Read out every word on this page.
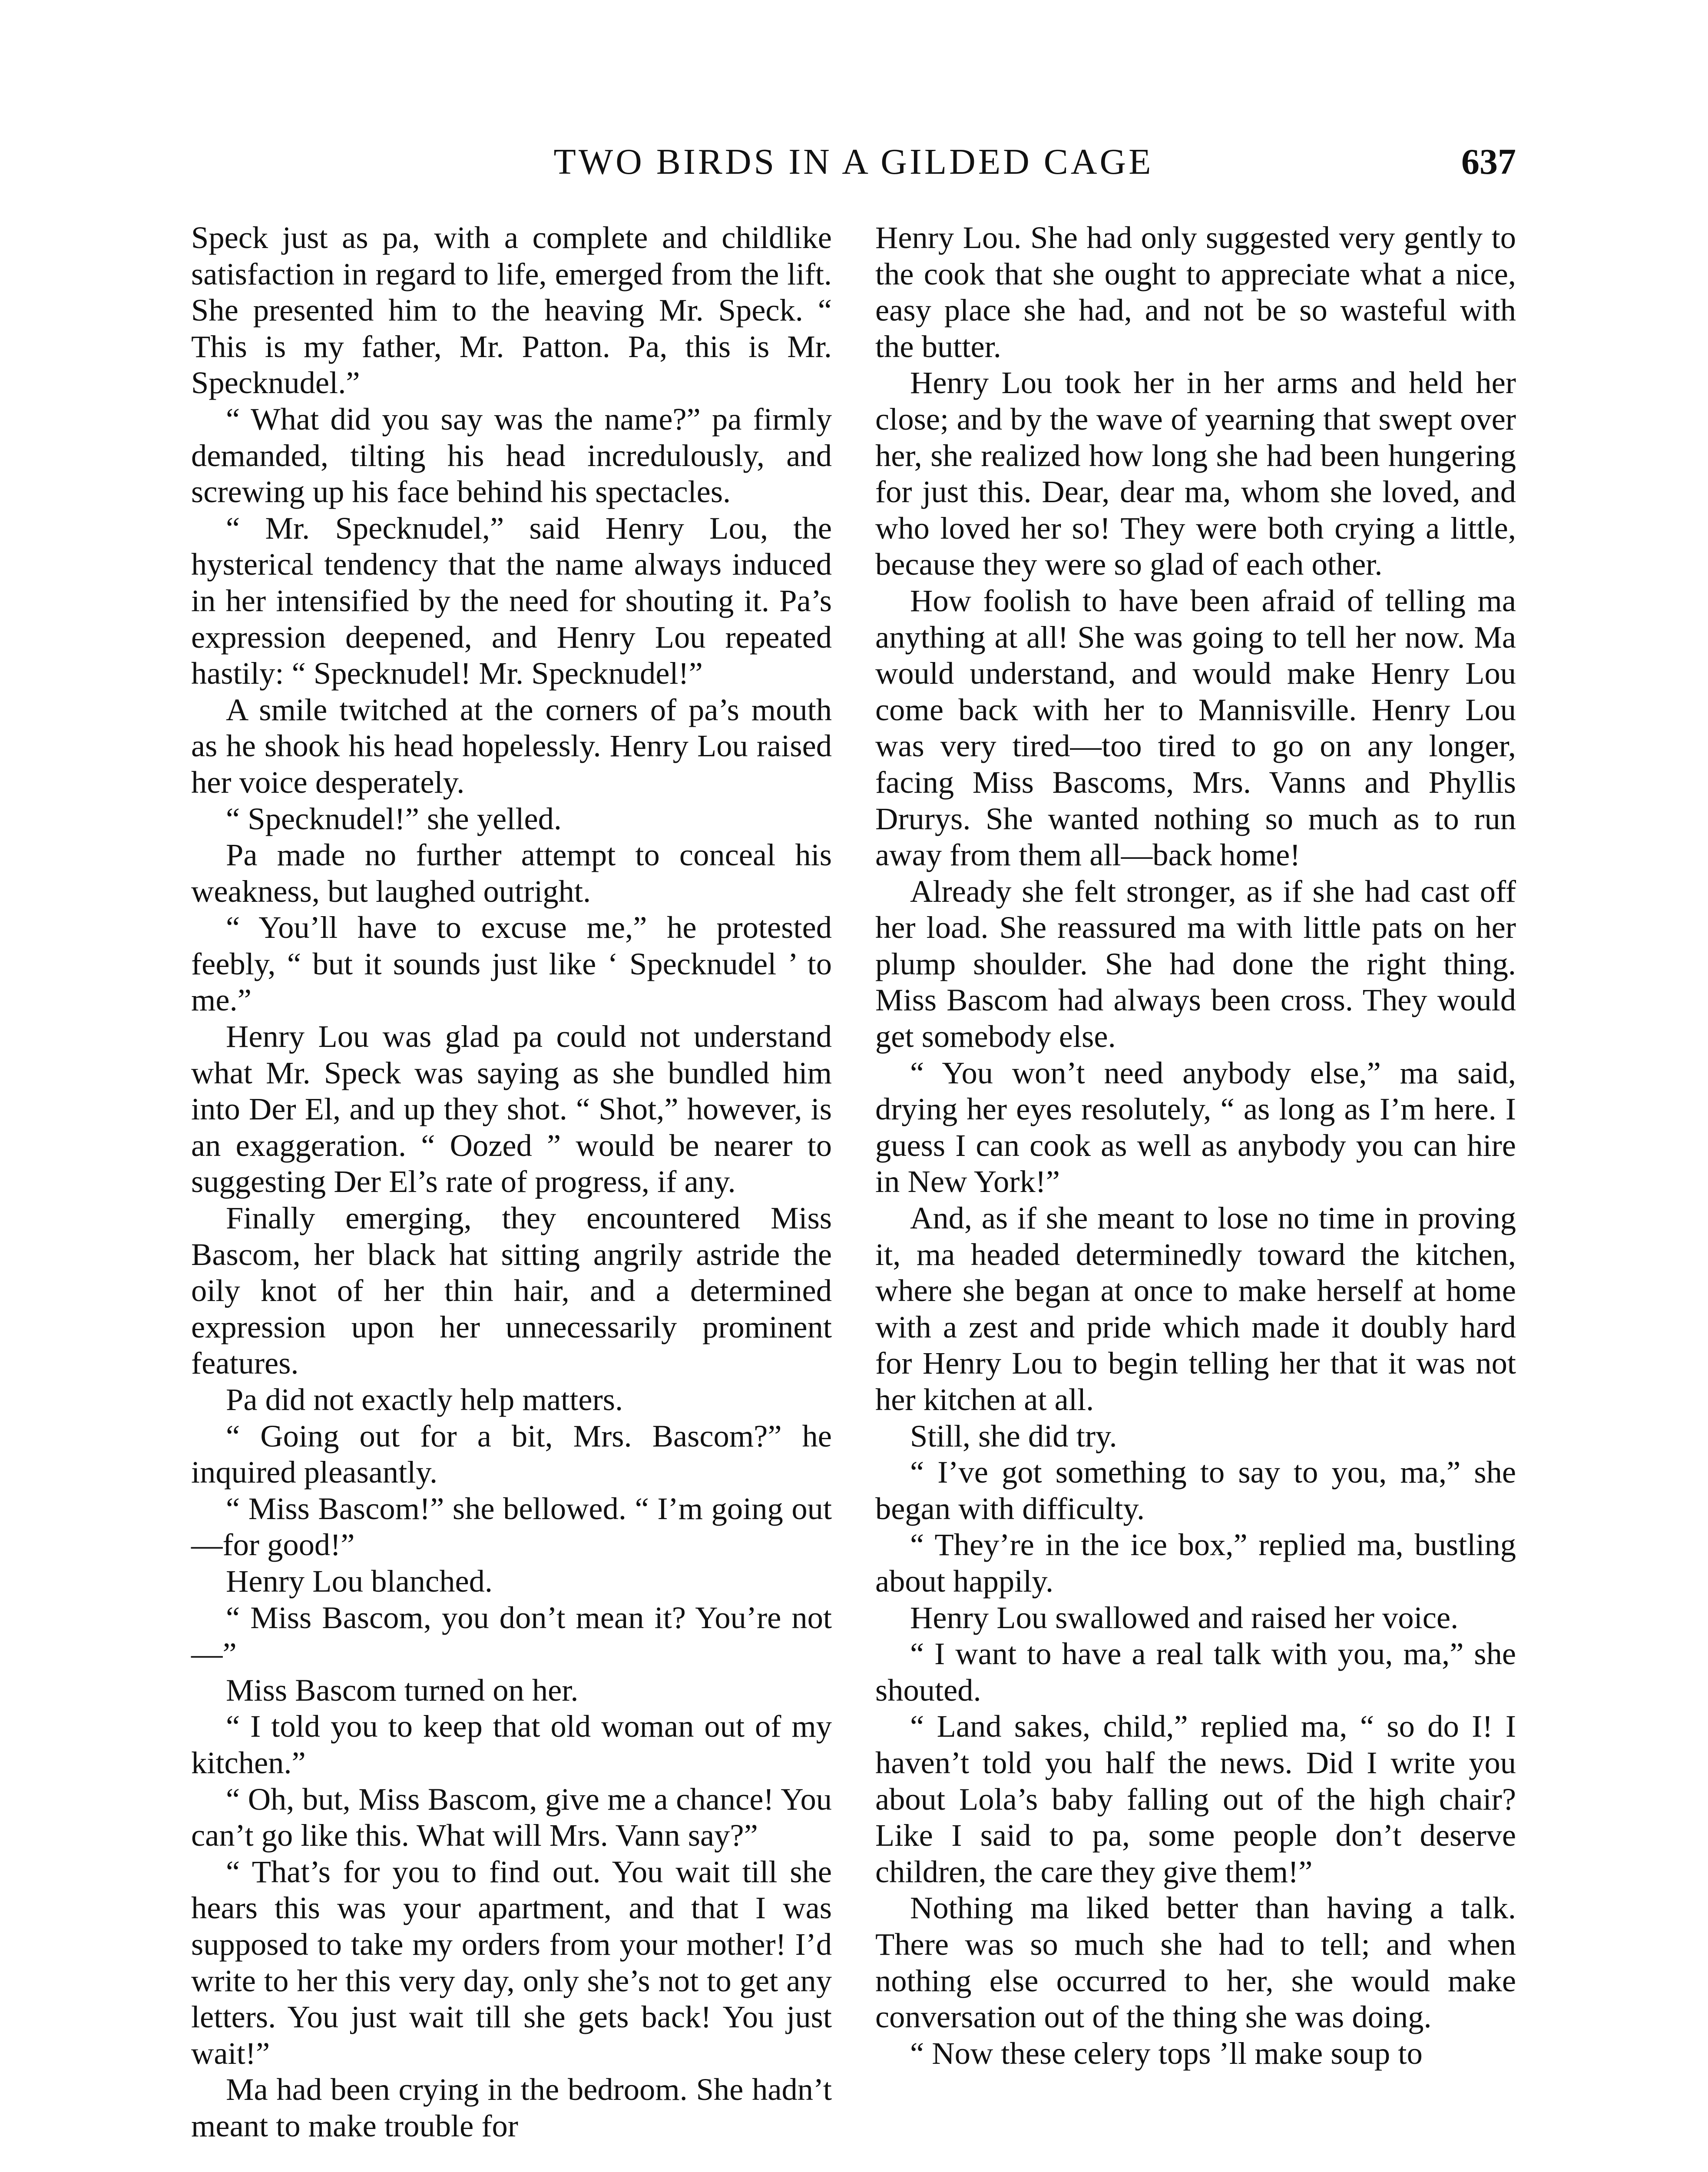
TWO BIRDS IN A GILDED CAGE	637

Speck just as pa, with a complete and childlike satisfaction in regard to life, emerged from the lift. She presented him to the heaving Mr. Speck. “ This is my father, Mr. Patton. Pa, this is Mr. Specknudel.”

“ What did you say was the name?” pa firmly demanded, tilting his head incredulously, and screwing up his face behind his spectacles.

“ Mr. Specknudel,” said Henry Lou, the hysterical tendency that the name always induced in her intensified by the need for shouting it. Pa’s expression deepened, and Henry Lou repeated hastily: “ Specknudel! Mr. Specknudel!”

A smile twitched at the corners of pa’s mouth as he shook his head hopelessly. Henry Lou raised her voice desperately.

“ Specknudel!” she yelled.

Pa made no further attempt to conceal his weakness, but laughed outright.

“ You’ll have to excuse me,” he protested feebly, “ but it sounds just like ‘ Specknudel ’ to me.”

Henry Lou was glad pa could not understand what Mr. Speck was saying as she bundled him into Der El, and up they shot. “ Shot,” however, is an exaggeration. “ Oozed ” would be nearer to suggesting Der El’s rate of progress, if any.

Finally emerging, they encountered Miss Bascom, her black hat sitting angrily astride the oily knot of her thin hair, and a determined expression upon her unnecessarily prominent features.

Pa did not exactly help matters.

“ Going out for a bit, Mrs. Bascom?” he inquired pleasantly.

“ Miss Bascom!” she bellowed. “ I’m going out—for good!”

Henry Lou blanched.

“ Miss Bascom, you don’t mean it? You’re not—”

Miss Bascom turned on her.

“ I told you to keep that old woman out of my kitchen.”

“ Oh, but, Miss Bascom, give me a chance! You can’t go like this. What will Mrs. Vann say?”

“ That’s for you to find out. You wait till she hears this was your apartment, and that I was supposed to take my orders from your mother! I’d write to her this very day, only she’s not to get any letters. You just wait till she gets back! You just wait!”

Ma had been crying in the bedroom. She hadn’t meant to make trouble for

Henry Lou. She had only suggested very gently to the cook that she ought to appreciate what a nice, easy place she had, and not be so wasteful with the butter.

Henry Lou took her in her arms and held her close; and by the wave of yearning that swept over her, she realized how long she had been hungering for just this. Dear, dear ma, whom she loved, and who loved her so! They were both crying a little, because they were so glad of each other.

How foolish to have been afraid of telling ma anything at all! She was going to tell her now. Ma would understand, and would make Henry Lou come back with her to Mannisville. Henry Lou was very tired—too tired to go on any longer, facing Miss Bascoms, Mrs. Vanns and Phyllis Drurys. She wanted nothing so much as to run away from them all—back home!

Already she felt stronger, as if she had cast off her load. She reassured ma with little pats on her plump shoulder. She had done the right thing. Miss Bascom had always been cross. They would get somebody else.

“ You won’t need anybody else,” ma said, drying her eyes resolutely, “ as long as I’m here. I guess I can cook as well as anybody you can hire in New York!”

And, as if she meant to lose no time in proving it, ma headed determinedly toward the kitchen, where she began at once to make herself at home with a zest and pride which made it doubly hard for Henry Lou to begin telling her that it was not her kitchen at all.

Still, she did try.

“ I’ve got something to say to you, ma,” she began with difficulty.

“ They’re in the ice box,” replied ma, bustling about happily.

Henry Lou swallowed and raised her voice.

“ I want to have a real talk with you, ma,” she shouted.

“ Land sakes, child,” replied ma, “ so do I! I haven’t told you half the news. Did I write you about Lola’s baby falling out of the high chair? Like I said to pa, some people don’t deserve children, the care they give them!”

Nothing ma liked better than having a talk. There was so much she had to tell; and when nothing else occurred to her, she would make conversation out of the thing she was doing.

“ Now these celery tops ’ll make soup to
